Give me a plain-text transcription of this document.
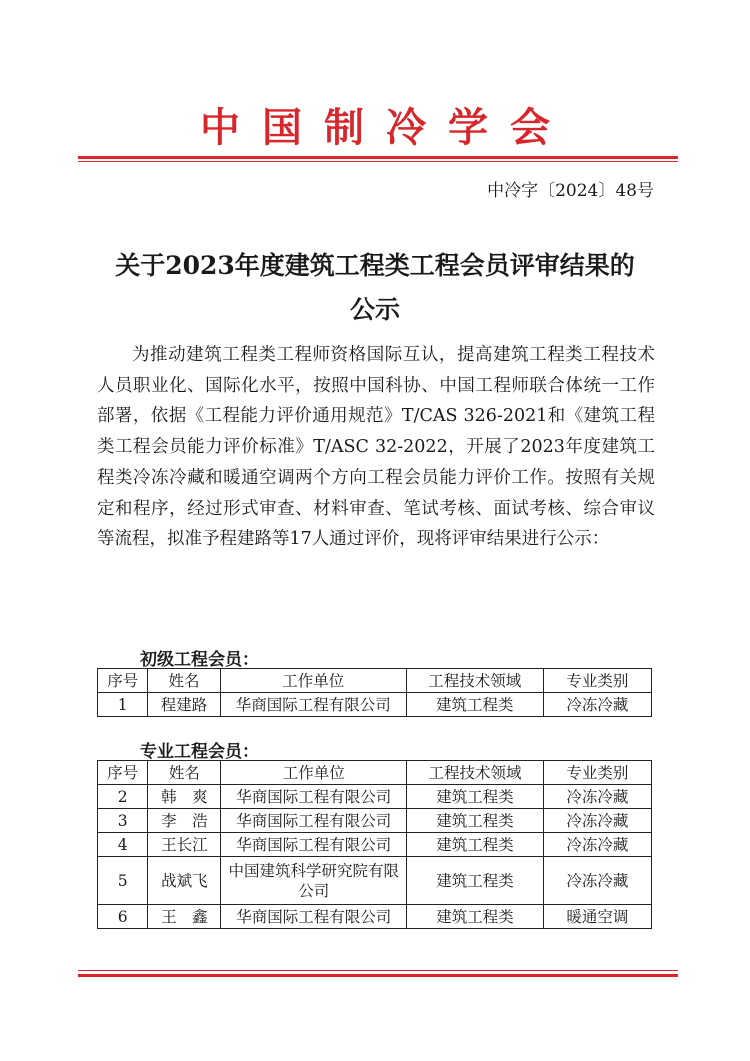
中国制冷学会
中冷字〔2024〕48号
关于2023年度建筑工程类工程会员评审结果的
公示

为推动建筑工程类工程师资格国际互认，提高建筑工程类工程技术人员职业化、国际化水平，按照中国科协、中国工程师联合体统一工作部署，依据《工程能力评价通用规范》T/CAS 326-2021和《建筑工程类工程会员能力评价标准》T/ASC 32-2022，开展了2023年度建筑工程类冷冻冷藏和暖通空调两个方向工程会员能力评价工作。按照有关规定和程序，经过形式审查、材料审查、笔试考核、面试考核、综合审议等流程，拟准予程建路等17人通过评价，现将评审结果进行公示：

初级工程会员：
序号	姓名	工作单位	工程技术领域	专业类别
1	程建路	华商国际工程有限公司	建筑工程类	冷冻冷藏
专业工程会员：
序号	姓名	工作单位	工程技术领域	专业类别
2	韩　爽	华商国际工程有限公司	建筑工程类	冷冻冷藏
3	李　浩	华商国际工程有限公司	建筑工程类	冷冻冷藏
4	王长江	华商国际工程有限公司	建筑工程类	冷冻冷藏
5	战斌飞	中国建筑科学研究院有限公司	建筑工程类	冷冻冷藏
6	王　鑫	华商国际工程有限公司	建筑工程类	暖通空调
